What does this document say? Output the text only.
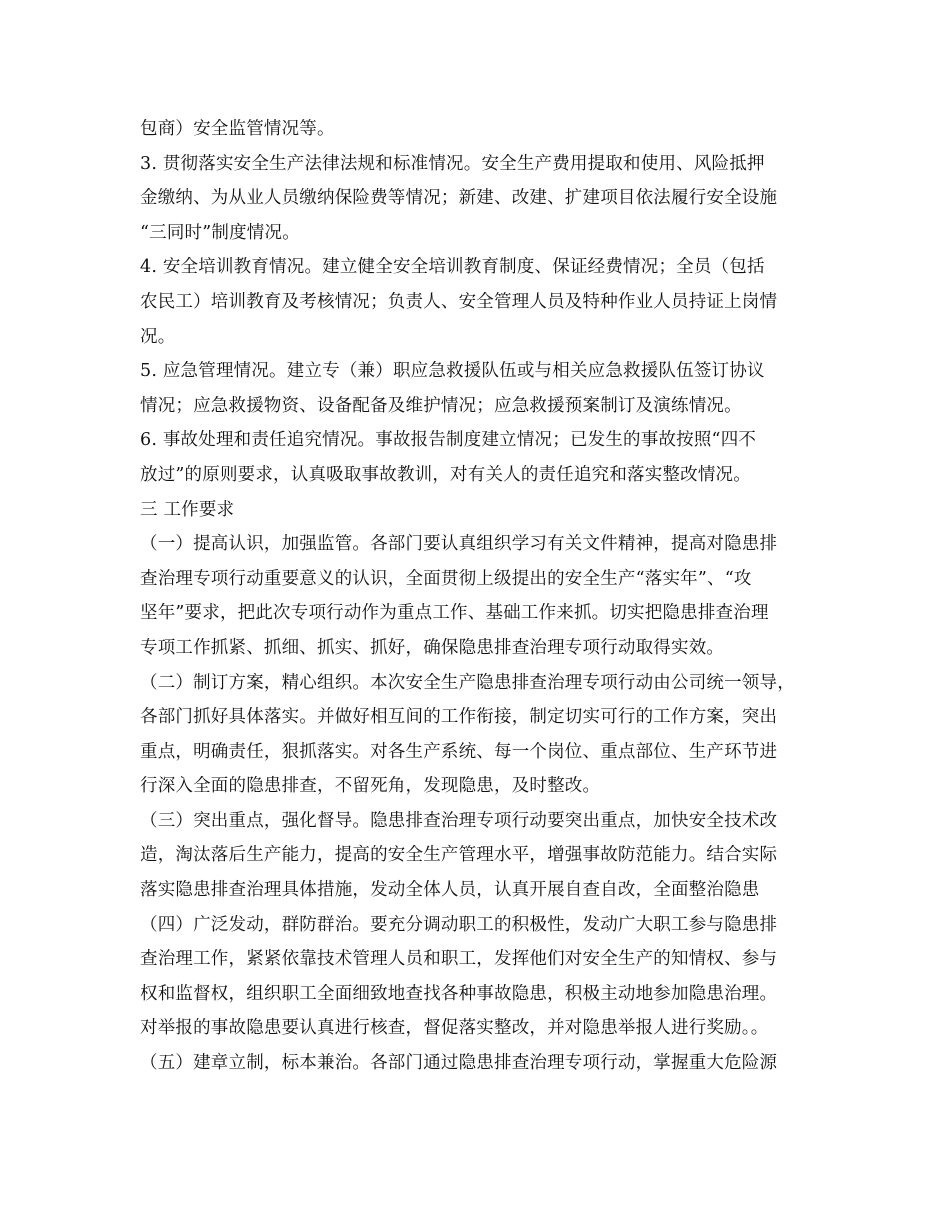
包商）安全监管情况等。
3. 贯彻落实安全生产法律法规和标准情况。安全生产费用提取和使用、风险抵押
金缴纳、为从业人员缴纳保险费等情况；新建、改建、扩建项目依法履行安全设施
“三同时”制度情况。
4. 安全培训教育情况。建立健全安全培训教育制度、保证经费情况；全员（包括
农民工）培训教育及考核情况；负责人、安全管理人员及特种作业人员持证上岗情
况。
5. 应急管理情况。建立专（兼）职应急救援队伍或与相关应急救援队伍签订协议
情况；应急救援物资、设备配备及维护情况；应急救援预案制订及演练情况。
6. 事故处理和责任追究情况。事故报告制度建立情况；已发生的事故按照“四不
放过”的原则要求，认真吸取事故教训，对有关人的责任追究和落实整改情况。
三 工作要求
（一）提高认识，加强监管。各部门要认真组织学习有关文件精神，提高对隐患排
查治理专项行动重要意义的认识，全面贯彻上级提出的安全生产“落实年”、“攻
坚年”要求，把此次专项行动作为重点工作、基础工作来抓。切实把隐患排查治理
专项工作抓紧、抓细、抓实、抓好，确保隐患排查治理专项行动取得实效。
（二）制订方案，精心组织。本次安全生产隐患排查治理专项行动由公司统一领导，
各部门抓好具体落实。并做好相互间的工作衔接，制定切实可行的工作方案，突出
重点，明确责任，狠抓落实。对各生产系统、每一个岗位、重点部位、生产环节进
行深入全面的隐患排查，不留死角，发现隐患，及时整改。
（三）突出重点，强化督导。隐患排查治理专项行动要突出重点，加快安全技术改
造，淘汰落后生产能力，提高的安全生产管理水平，增强事故防范能力。结合实际
落实隐患排查治理具体措施，发动全体人员，认真开展自查自改，全面整治隐患
（四）广泛发动，群防群治。要充分调动职工的积极性，发动广大职工参与隐患排
查治理工作，紧紧依靠技术管理人员和职工，发挥他们对安全生产的知情权、参与
权和监督权，组织职工全面细致地查找各种事故隐患，积极主动地参加隐患治理。
对举报的事故隐患要认真进行核查，督促落实整改，并对隐患举报人进行奖励。。
（五）建章立制，标本兼治。各部门通过隐患排查治理专项行动，掌握重大危险源
